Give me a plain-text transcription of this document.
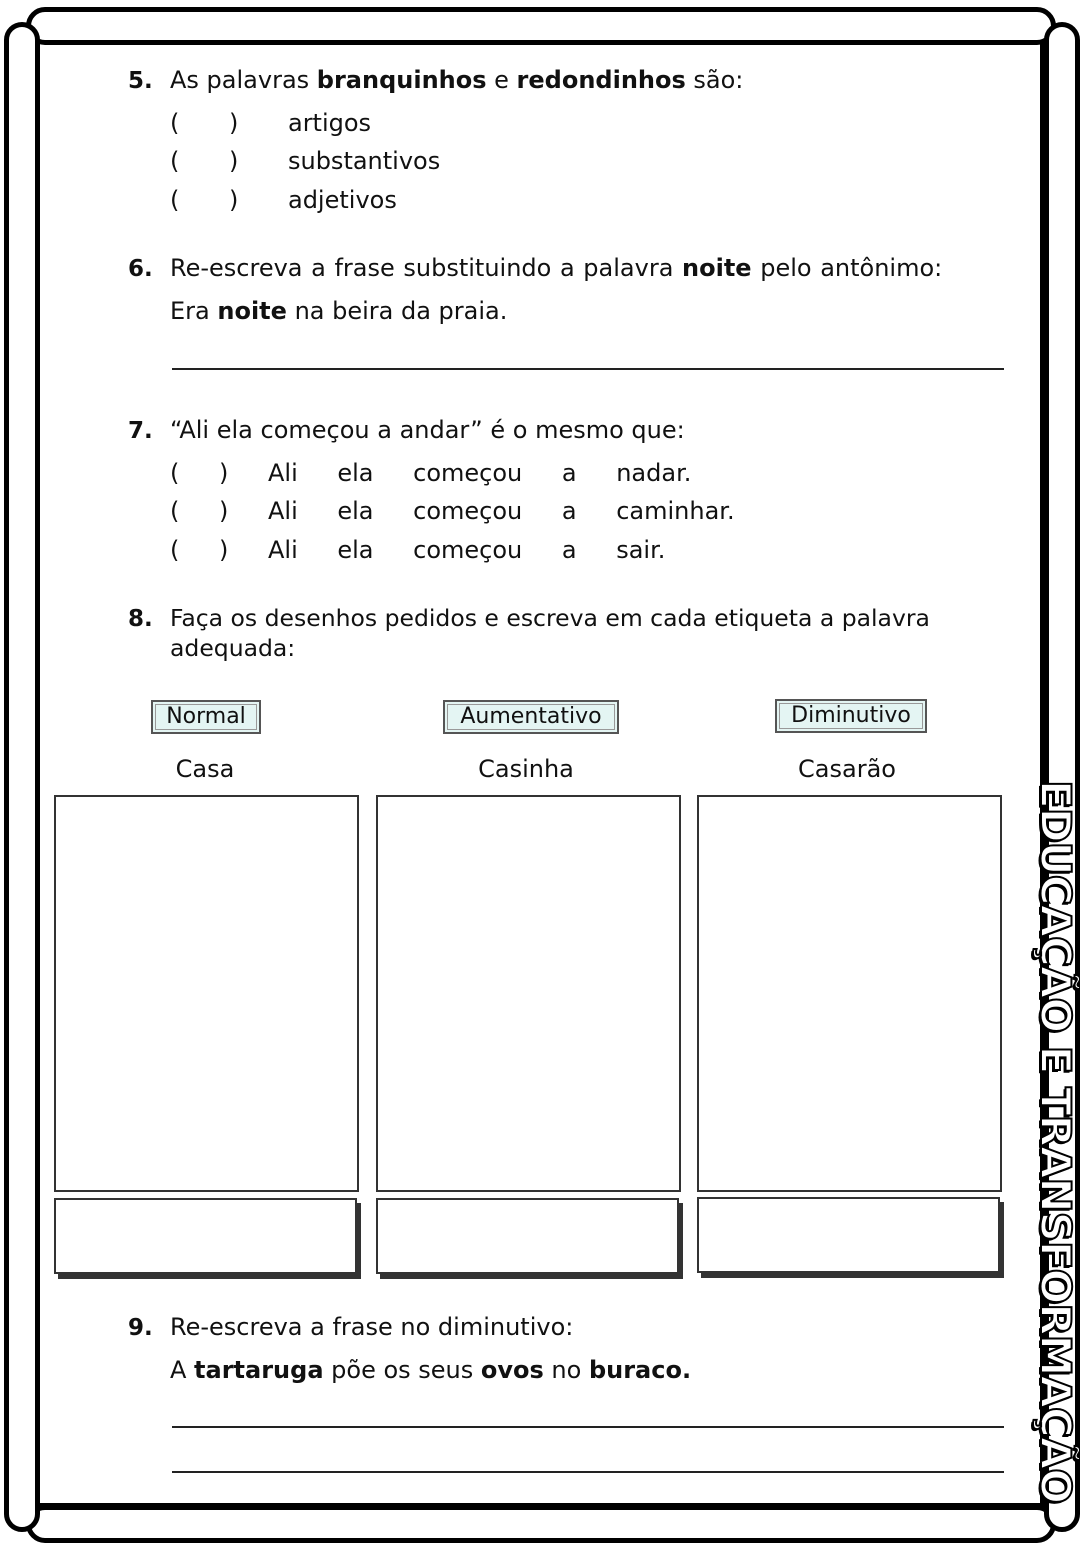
EDUCAÇÃO E TRANSFORMAÇÃO
5. As palavras branquinhos e redondinhos são:
( ) artigos
( ) substantivos
( ) adjetivos
6. Re-escreva a frase substituindo a palavra noite pelo antônimo:
Era noite na beira da praia.
7. “Ali ela começou a andar” é o mesmo que:
( ) Ali ela começou a nadar.
( ) Ali ela começou a caminhar.
( ) Ali ela começou a sair.
8. Faça os desenhos pedidos e escreva em cada etiqueta a palavra
adequada:
Normal	Aumentativo	Diminutivo
Casa	Casinha	Casarão
9. Re-escreva a frase no diminutivo:
A tartaruga põe os seus ovos no buraco.
